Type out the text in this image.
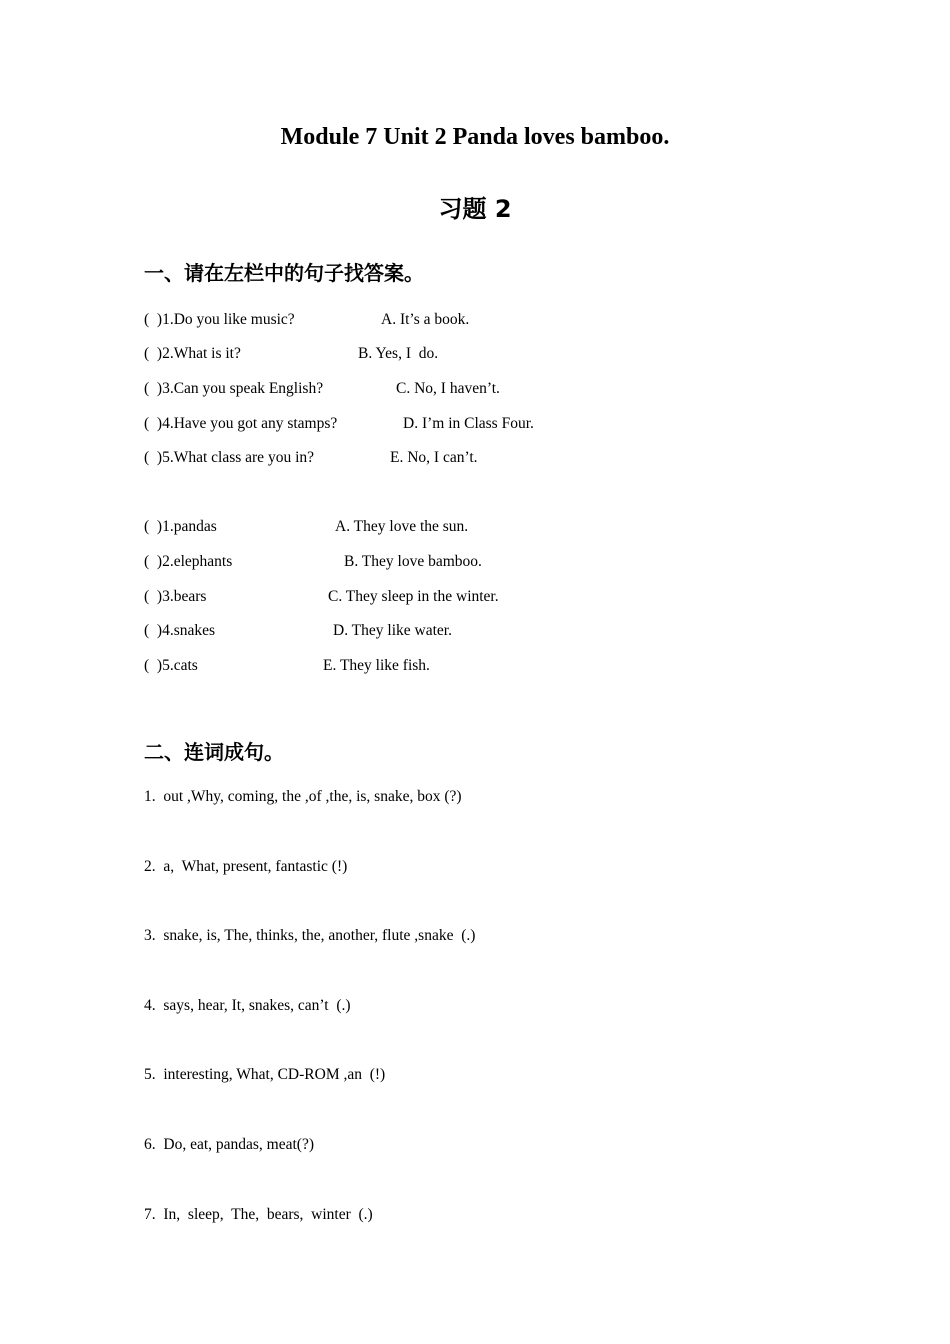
Module 7 Unit 2 Panda loves bamboo.
习题 2
一、请在左栏中的句子找答案。

(  )1.Do you like music?

	A. It’s a book.

(  )2.What is it?

	B. Yes, I  do.

(  )3.Can you speak English?

	C. No, I haven’t.

(  )4.Have you got any stamps?

	D. I’m in Class Four.

(  )5.What class are you in?

	E. No, I can’t.

(  )1.pandas

	A. They love the sun.

(  )2.elephants

	B. They love bamboo.

(  )3.bears

	C. They sleep in the winter.

(  )4.snakes

	D. They like water.

(  )5.cats

	E. They like fish.

二、连词成句。
1.  out ,Why, coming, the ,of ,the, is, snake, box (?)
2.  a,  What, present, fantastic (!)
3.  snake, is, The, thinks, the, another, flute ,snake  (.)
4.  says, hear, It, snakes, can’t  (.)
5.  interesting, What, CD-ROM ,an  (!)
6.  Do, eat, pandas, meat(?)
7.  In,  sleep,  The,  bears,  winter  (.)
